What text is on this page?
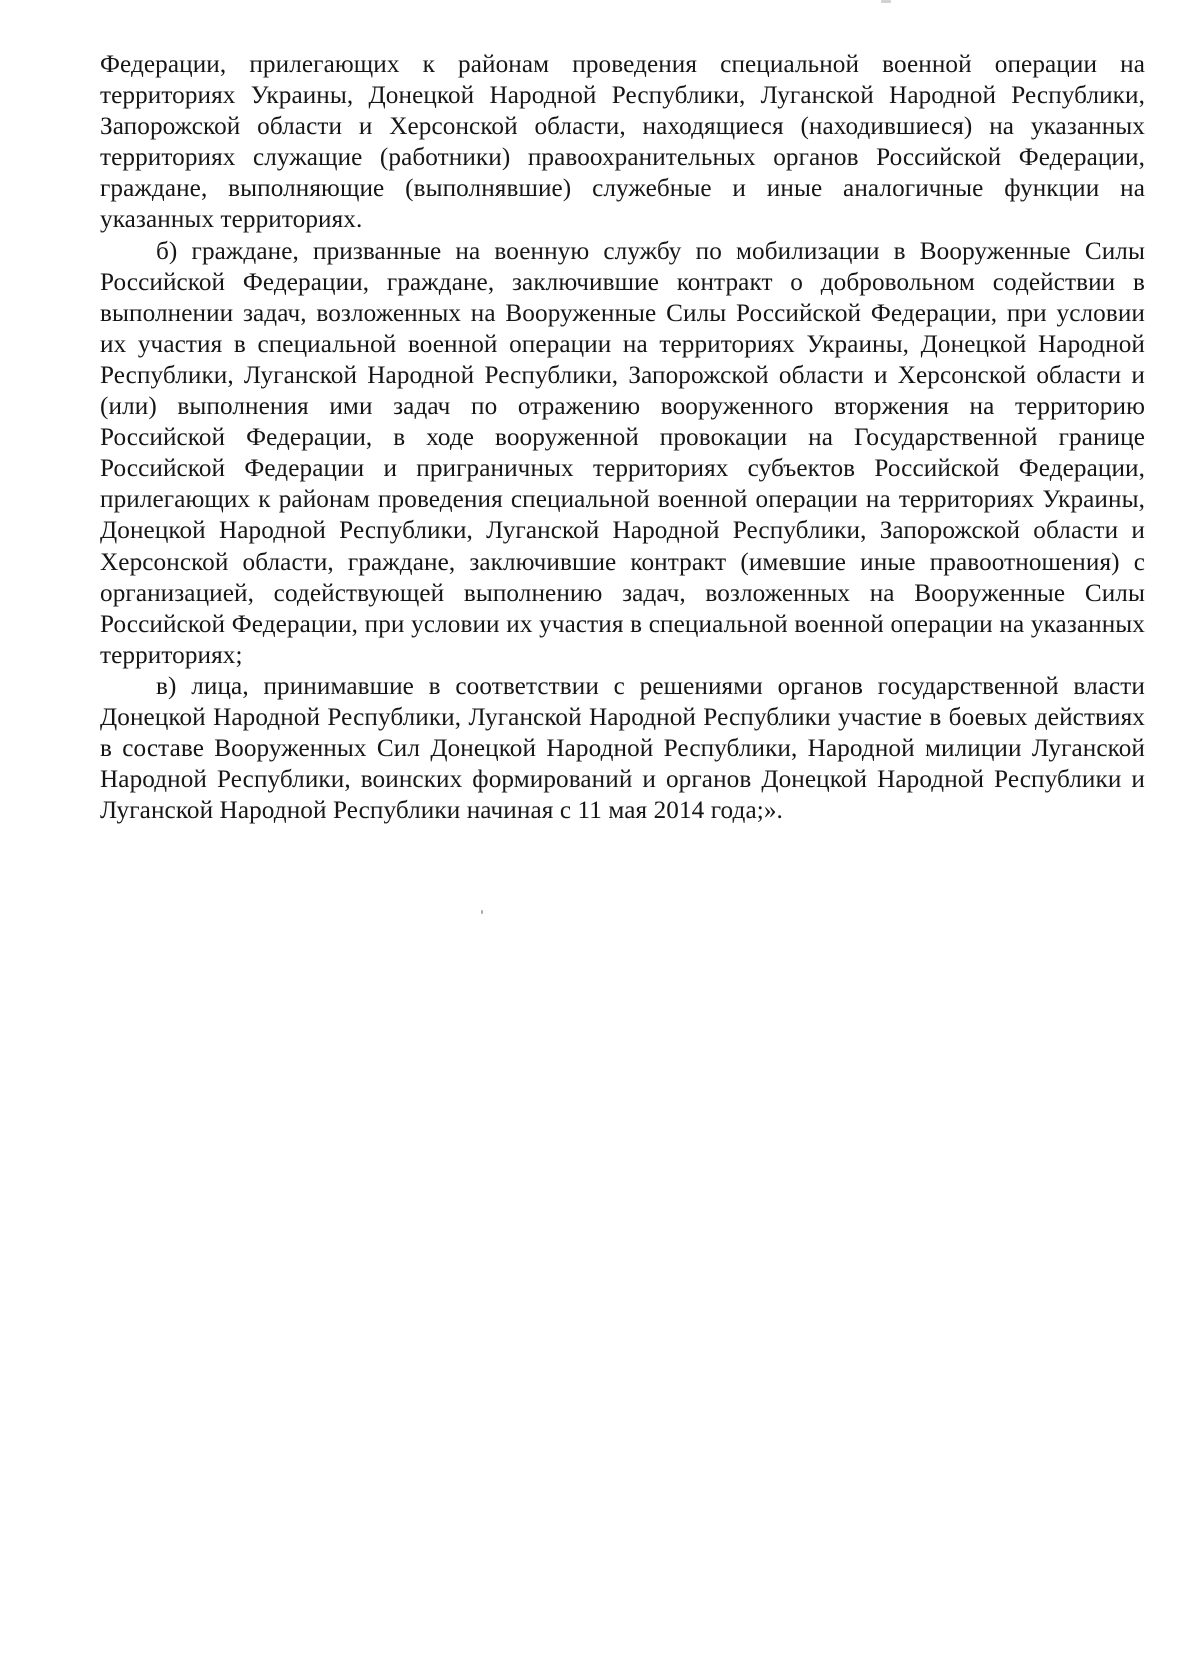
Федерации, прилегающих к районам проведения специальной военной операции на территориях Украины, Донецкой Народной Республики, Луганской Народной Республики, Запорожской области и Херсонской области, находящиеся (находившиеся) на указанных территориях служащие (работники) правоохранительных органов Российской Федерации, граждане, выполняющие (выполнявшие) служебные и иные аналогичные функции на указанных территориях.

б) граждане, призванные на военную службу по мобилизации в Вооруженные Силы Российской Федерации, граждане, заключившие контракт о добровольном содействии в выполнении задач, возложенных на Вооруженные Силы Российской Федерации, при условии их участия в специальной военной операции на территориях Украины, Донецкой Народной Республики, Луганской Народной Республики, Запорожской области и Херсонской области и (или) выполнения ими задач по отражению вооруженного вторжения на территорию Российской Федерации, в ходе вооруженной провокации на Государственной границе Российской Федерации и приграничных территориях субъектов Российской Федерации, прилегающих к районам проведения специальной военной операции на территориях Украины, Донецкой Народной Республики, Луганской Народной Республики, Запорожской области и Херсонской области, граждане, заключившие контракт (имевшие иные правоотношения) с организацией, содействующей выполнению задач, возложенных на Вооруженные Силы Российской Федерации, при условии их участия в специальной военной операции на указанных территориях;

в) лица, принимавшие в соответствии с решениями органов государственной власти Донецкой Народной Республики, Луганской Народной Республики участие в боевых действиях в составе Вооруженных Сил Донецкой Народной Республики, Народной милиции Луганской Народной Республики, воинских формирований и органов Донецкой Народной Республики и Луганской Народной Республики начиная с 11 мая 2014 года;».
